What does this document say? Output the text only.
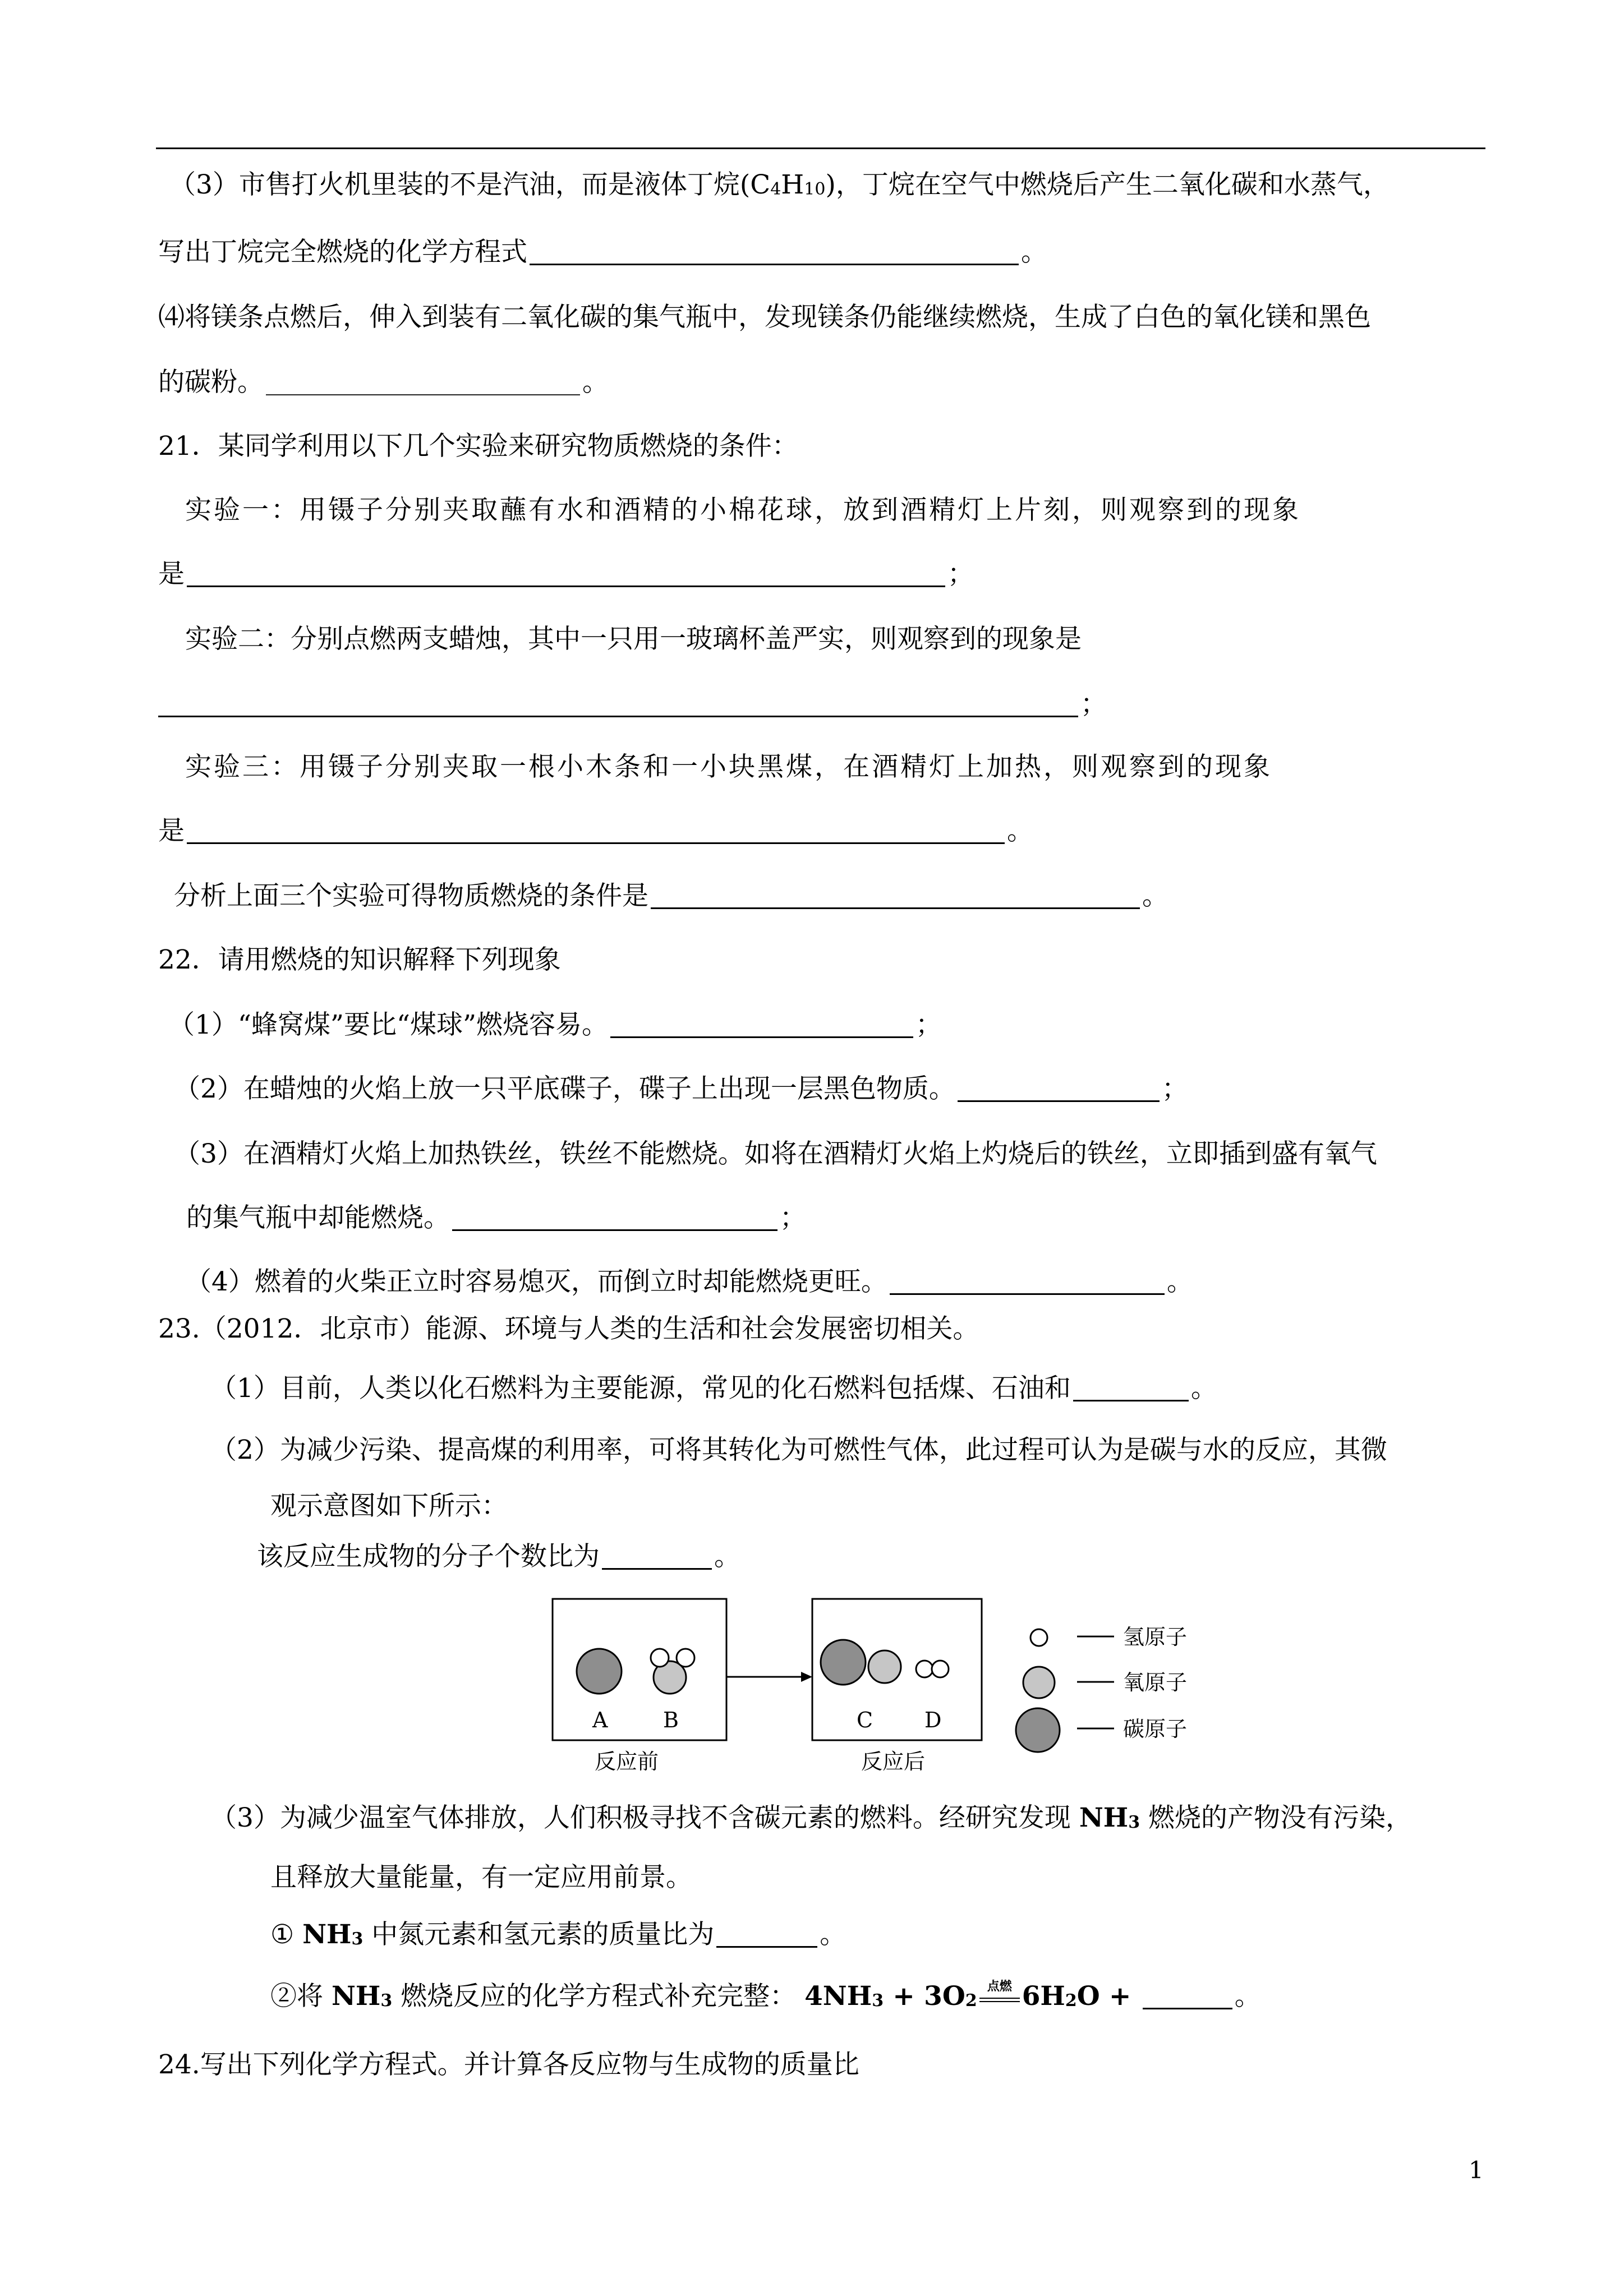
（3）市售打火机里装的不是汽油，而是液体丁烷$(C_4H_{10})$，丁烷在空气中燃烧后产生二氧化碳和水蒸气，
写出丁烷完全燃烧的化学方程式	。
⑷将镁条点燃后，伸入到装有二氧化碳的集气瓶中，发现镁条仍能继续燃烧，生成了白色的氧化镁和黑色
的碳粉。	。
21．某同学利用以下几个实验来研究物质燃烧的条件：
实验一：用镊子分别夹取蘸有水和酒精的小棉花球，放到酒精灯上片刻，则观察到的现象
是	；
实验二：分别点燃两支蜡烛，其中一只用一玻璃杯盖严实，则观察到的现象是
；
实验三：用镊子分别夹取一根小木条和一小块黑煤，在酒精灯上加热，则观察到的现象
是	。
分析上面三个实验可得物质燃烧的条件是	。
22．请用燃烧的知识解释下列现象
（1）“蜂窝煤”要比“煤球”燃烧容易。	；
（2）在蜡烛的火焰上放一只平底碟子，碟子上出现一层黑色物质。	；
（3）在酒精灯火焰上加热铁丝，铁丝不能燃烧。如将在酒精灯火焰上灼烧后的铁丝，立即插到盛有氧气
的集气瓶中却能燃烧。	；
（4）燃着的火柴正立时容易熄灭，而倒立时却能燃烧更旺。	。
23.（2012．北京市）能源、环境与人类的生活和社会发展密切相关。
（1）目前，人类以化石燃料为主要能源，常见的化石燃料包括煤、石油和	。
（2）为减少污染、提高煤的利用率，可将其转化为可燃性气体，此过程可认为是碳与水的反应，其微
观示意图如下所示：
该反应生成物的分子个数比为	。
A	B
反应前
C D
反应后
氢原子
氧原子
碳原子
（3）为减少温室气体排放，人们积极寻找不含碳元素的燃料。经研究发现 $NH_3$ 燃烧的产物没有污染，
且释放大量能量，有一定应用前景。
① $NH_3$ 中氮元素和氢元素的质量比为	。
②将 $NH_3$ 燃烧反应的化学方程式补充完整： $4NH_3 + 3O_2^{点燃}$ $6H_2O$ +	。
24.写出下列化学方程式。并计算各反应物与生成物的质量比
1
